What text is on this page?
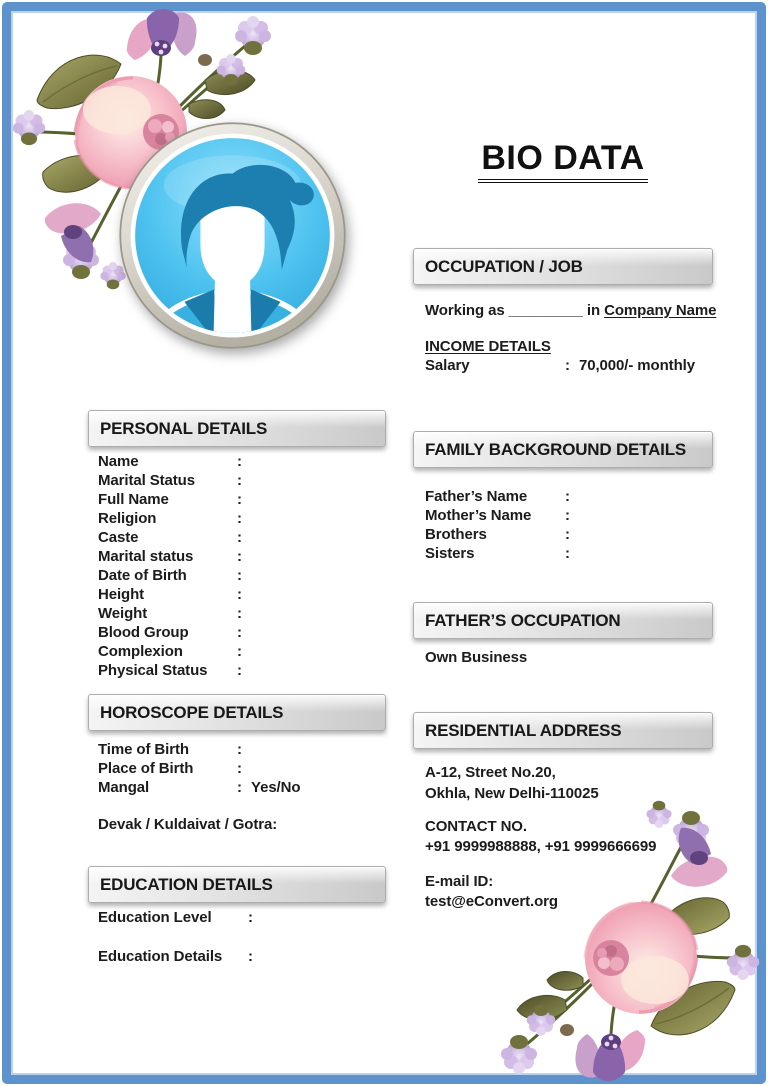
BIO DATA
OCCUPATION / JOB
Working as _________ in Company Name
INCOME DETAILS
Salary	: 70,000/- monthly
PERSONAL DETAILS
Name	:
Marital Status	:
Full Name	:
Religion	:
Caste	:
Marital status	:
Date of Birth	:
Height	:
Weight	:
Blood Group	:
Complexion	:
Physical Status	:
FAMILY BACKGROUND DETAILS
Father’s Name	:
Mother’s Name	:
Brothers	:
Sisters	:
FATHER’S OCCUPATION
Own Business
HOROSCOPE DETAILS
Time of Birth	:
Place of Birth	:
Mangal	: Yes/No
Devak / Kuldaivat / Gotra:
RESIDENTIAL ADDRESS
A-12, Street No.20,
Okhla, New Delhi-110025
CONTACT NO.
+91 9999988888, +91 9999666699
E-mail ID:
test@eConvert.org
EDUCATION DETAILS
Education Level	:
Education Details	:
